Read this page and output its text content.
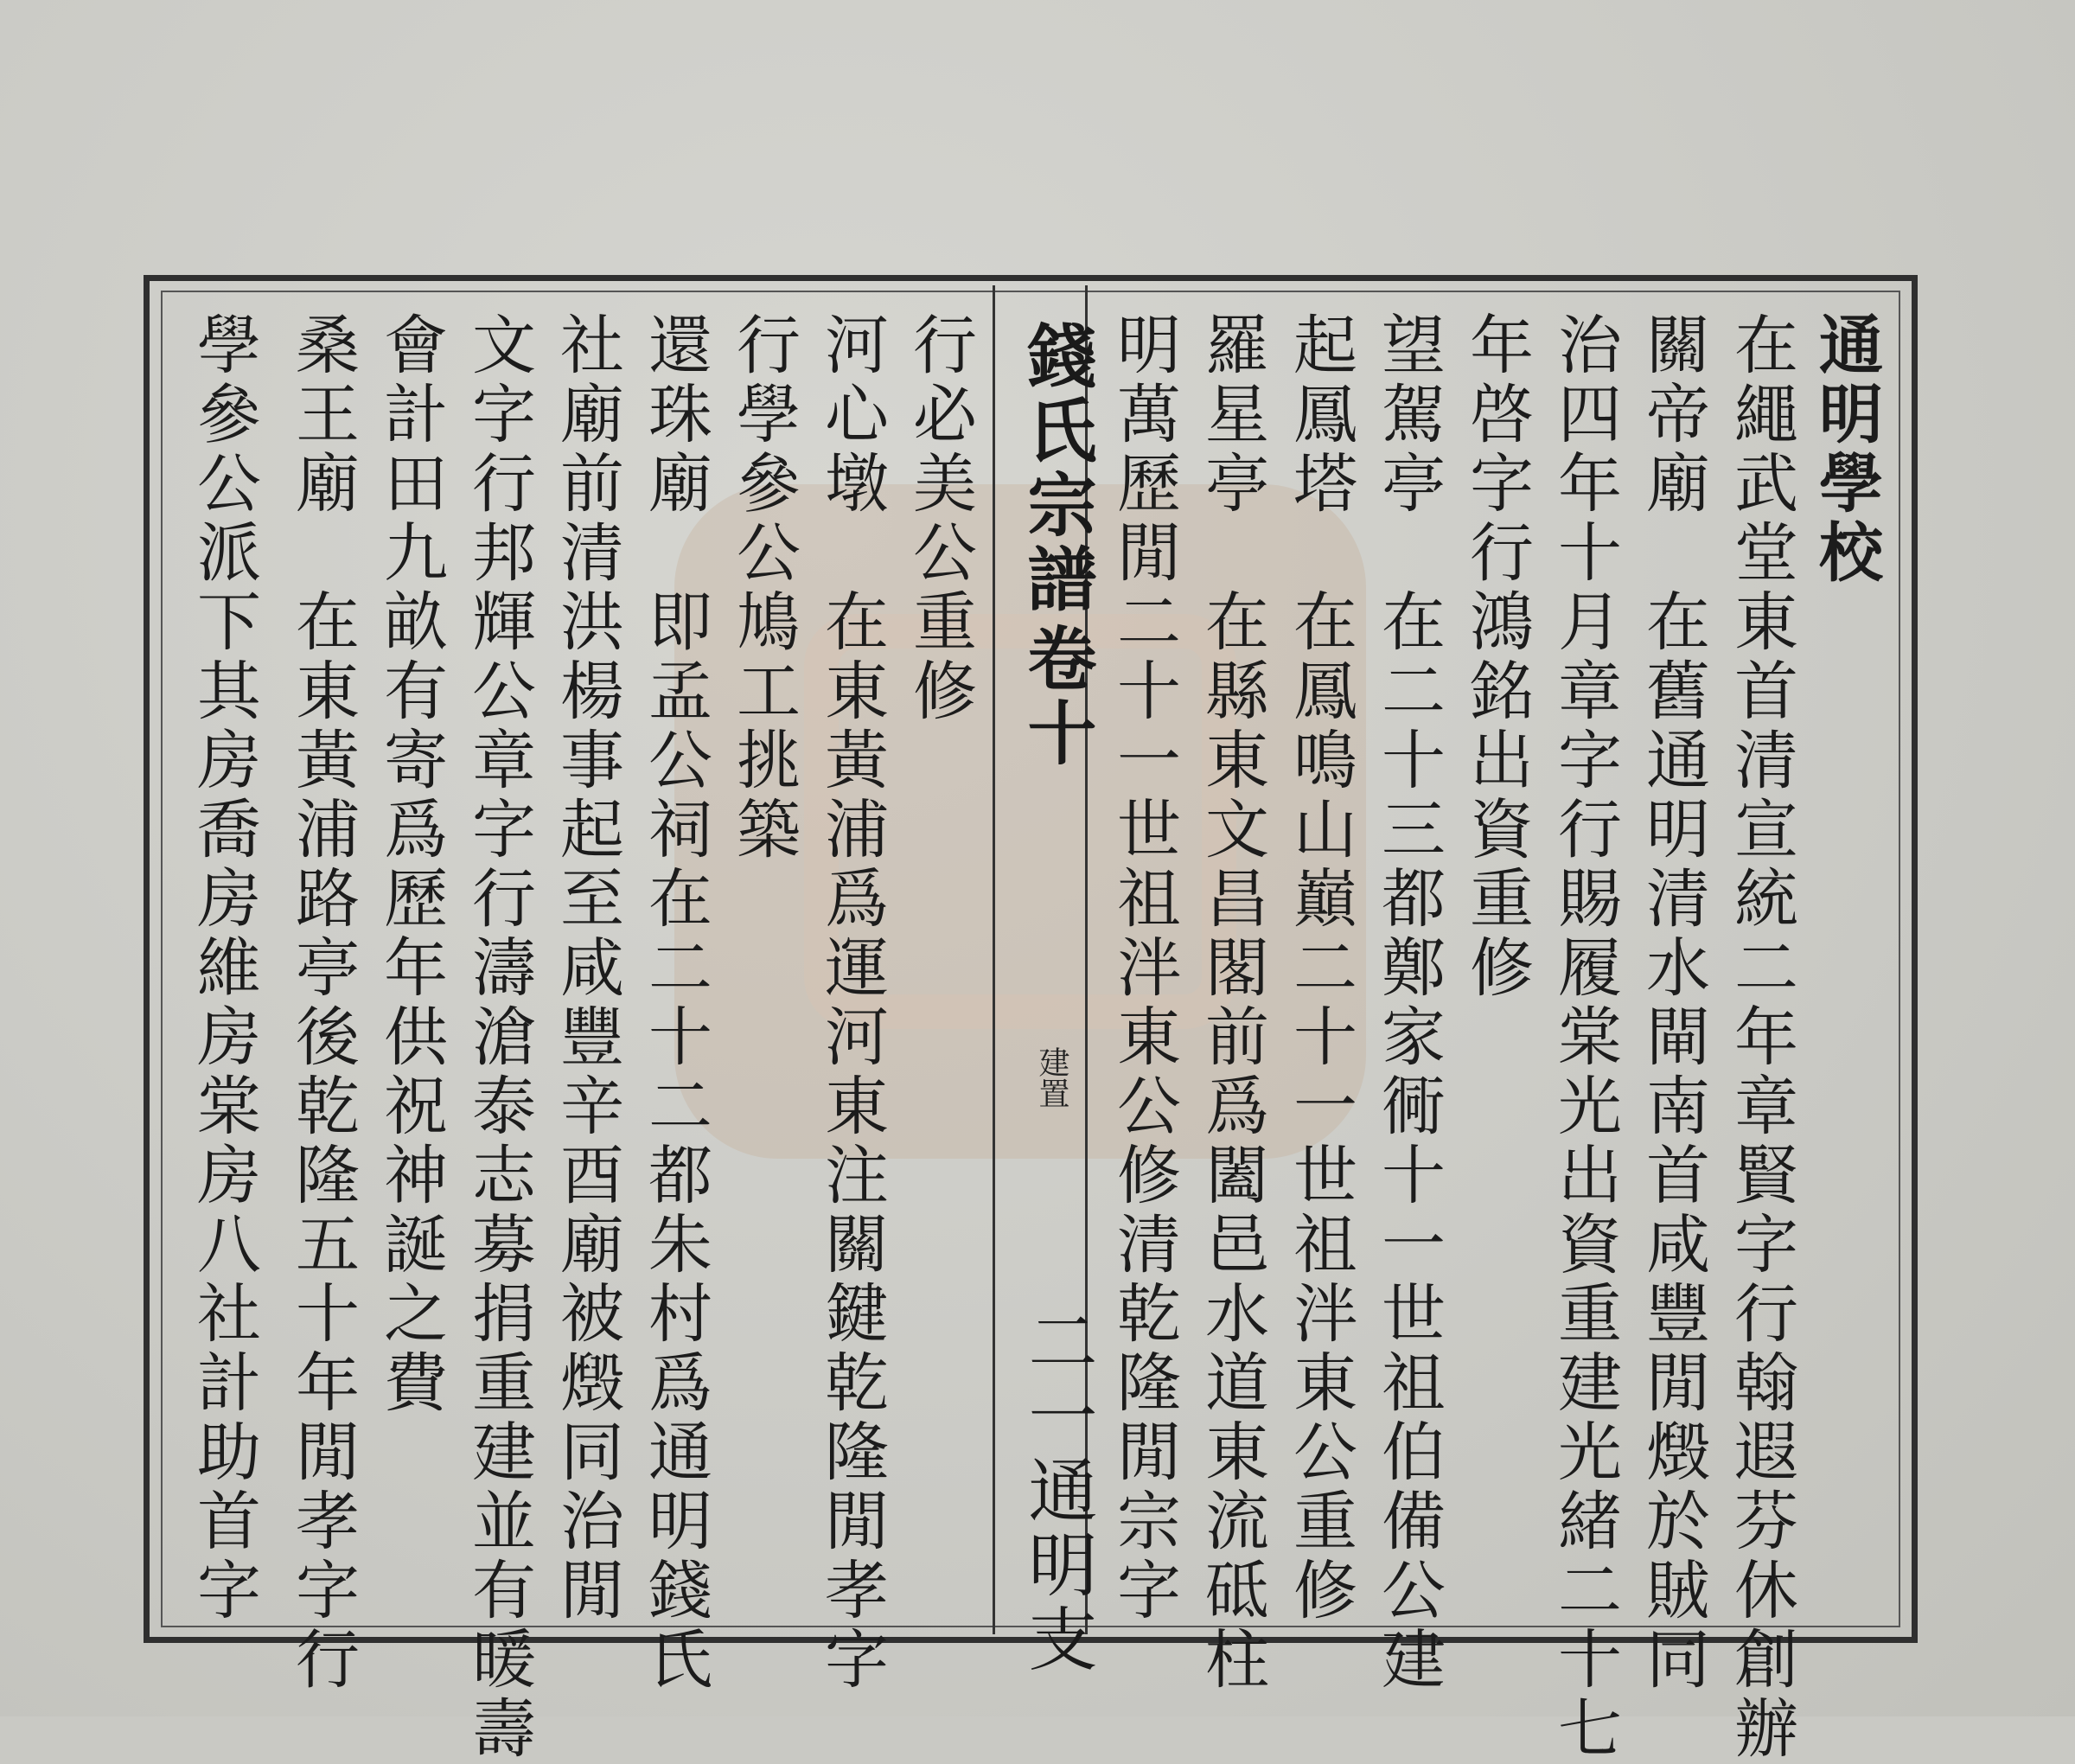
通明學校
在繩武堂東首清宣統二年章賢字行翰遐芬休創辦
關帝廟　在舊通明清水閘南首咸豐閒燬於賊同
治四年十月章字行賜履棠光出資重建光緒二十七
年啓字行鴻銘出資重修
望駕亭　在二十三都鄭家衕十一世祖伯備公建
起鳳塔　在鳳鳴山巔二十一世祖泮東公重修
羅星亭　在縣東文昌閣前爲闔邑水道東流砥柱
明萬歷閒二十一世祖泮東公修清乾隆閒宗字
錢氏宗譜
卷十
建置
二一通明支
行必美公重修
河心墩　在東黃浦爲運河東注關鍵乾隆閒孝字
行學參公鳩工挑築
還珠廟　即孟公祠在二十二都朱村爲通明錢氏
社廟前清洪楊事起至咸豐辛酉廟被燬同治閒
文字行邦輝公章字行濤滄泰志募捐重建並有暖壽
會計田九畝有寄爲歷年供祝神誕之費
桑王廟　在東黃浦路亭後乾隆五十年閒孝字行
學參公派下其房喬房維房棠房八社計助首字
